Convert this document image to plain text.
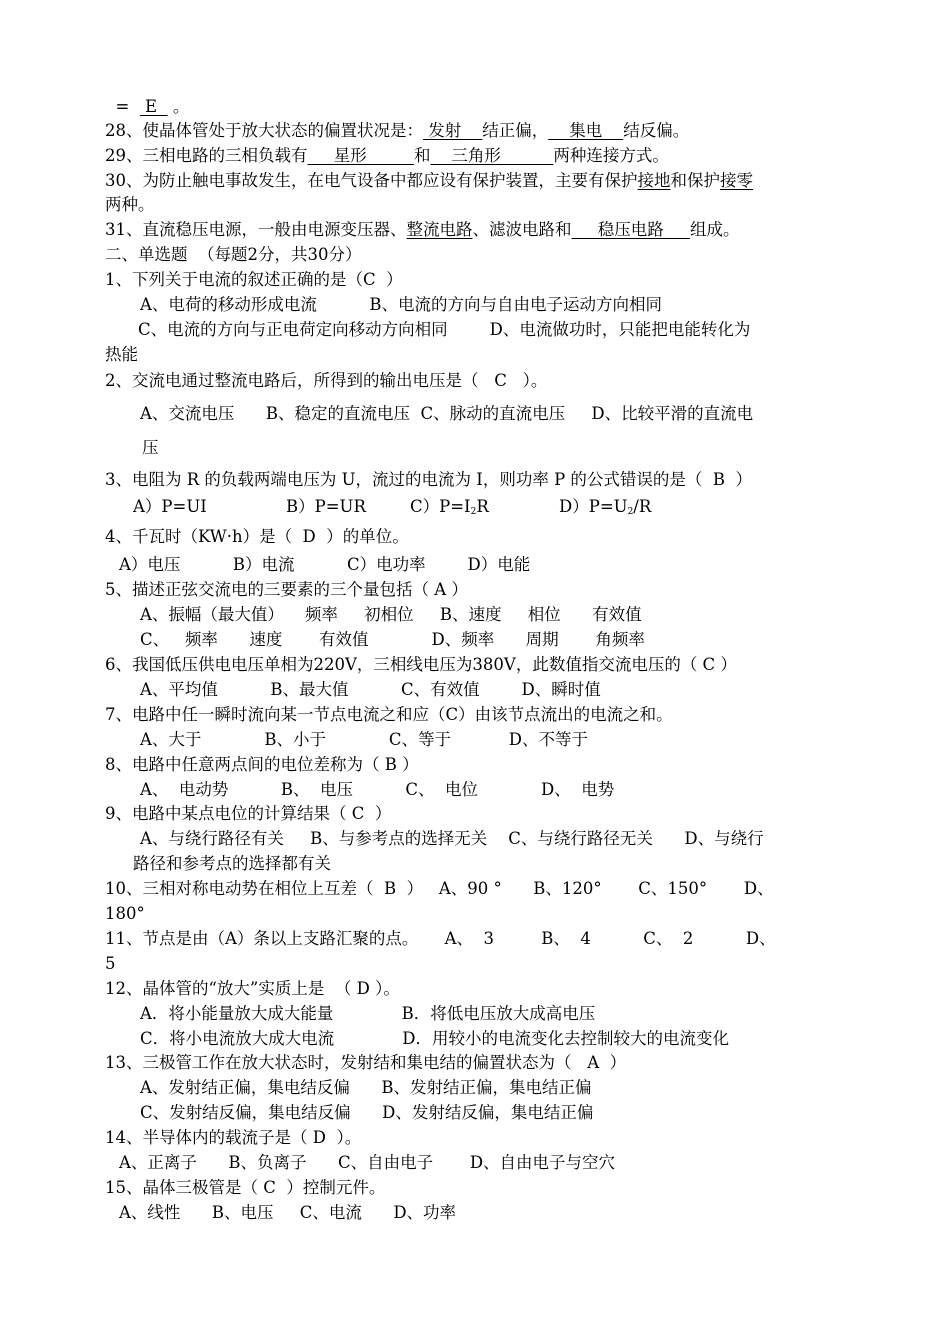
=   E   。
28、使晶体管处于放大状态的偏置状况是： 发射    结正偏，    集电    结反偏。
29、三相电路的三相负载有     星形         和    三角形          两种连接方式。
30、为防止触电事故发生，在电气设备中都应设有保护装置，主要有保护接地和保护接零
两种。
31、直流稳压电源，一般由电源变压器、整流电路、滤波电路和     稳压电路     组成。
二、单选题  （每题2分，共30分）
1、下列关于电流的叙述正确的是（C  ）
A、电荷的移动形成电流          B、电流的方向与自由电子运动方向相同
C、电流的方向与正电荷定向移动方向相同        D、电流做功时，只能把电能转化为
热能
2、交流电通过整流电路后，所得到的输出电压是（   C   ）。
A、交流电压      B、稳定的直流电压  C、脉动的直流电压     D、比较平滑的直流电
压
3、电阻为 R 的负载两端电压为 U，流过的电流为 I，则功率 P 的公式错误的是（  B  ）
A）P=UI	B）P=UR	$C)P=I_2R$	$D)P=U_2/R$
4、千瓦时（KW·h）是（  D  ）的单位。
A）电压          B）电流          C）电功率        D）电能
5、描述正弦交流电的三要素的三个量包括（ A ）
A、振幅（最大值）    频率     初相位     B、速度     相位      有效值
C、   频率      速度       有效值            D、频率      周期       角频率
6、我国低压供电电压单相为220V，三相线电压为380V，此数值指交流电压的（ C ）
A、平均值          B、最大值          C、有效值        D、瞬时值
7、电路中任一瞬时流向某一节点电流之和应（C）由该节点流出的电流之和。
A、大于            B、小于            C、等于           D、不等于
8、电路中任意两点间的电位差称为（ B ）
A、  电动势          B、  电压          C、  电位            D、  电势
9、电路中某点电位的计算结果（ C  ）
A、与绕行路径有关     B、与参考点的选择无关    C、与绕行路径无关      D、与绕行
路径和参考点的选择都有关
10、三相对称电动势在相位上互差（  B  ）   A、90 °      B、120°       C、150°       D、
180°
11、节点是由（A）条以上支路汇聚的点。     A、  3         B、  4          C、  2          D、
5
12、晶体管的“放大”实质上是  （ D ）。
A．将小能量放大成大能量             B．将低电压放大成高电压
C．将小电流放大成大电流             D．用较小的电流变化去控制较大的电流变化
13、三极管工作在放大状态时，发射结和集电结的偏置状态为（   A  ）
A、发射结正偏，集电结反偏      B、发射结正偏，集电结正偏
C、发射结反偏，集电结反偏      D、发射结反偏，集电结正偏
14、半导体内的载流子是（ D  ）。
A、正离子      B、负离子      C、自由电子       D、自由电子与空穴
15、晶体三极管是（ C  ）控制元件。
A、线性      B、电压     C、电流      D、功率
